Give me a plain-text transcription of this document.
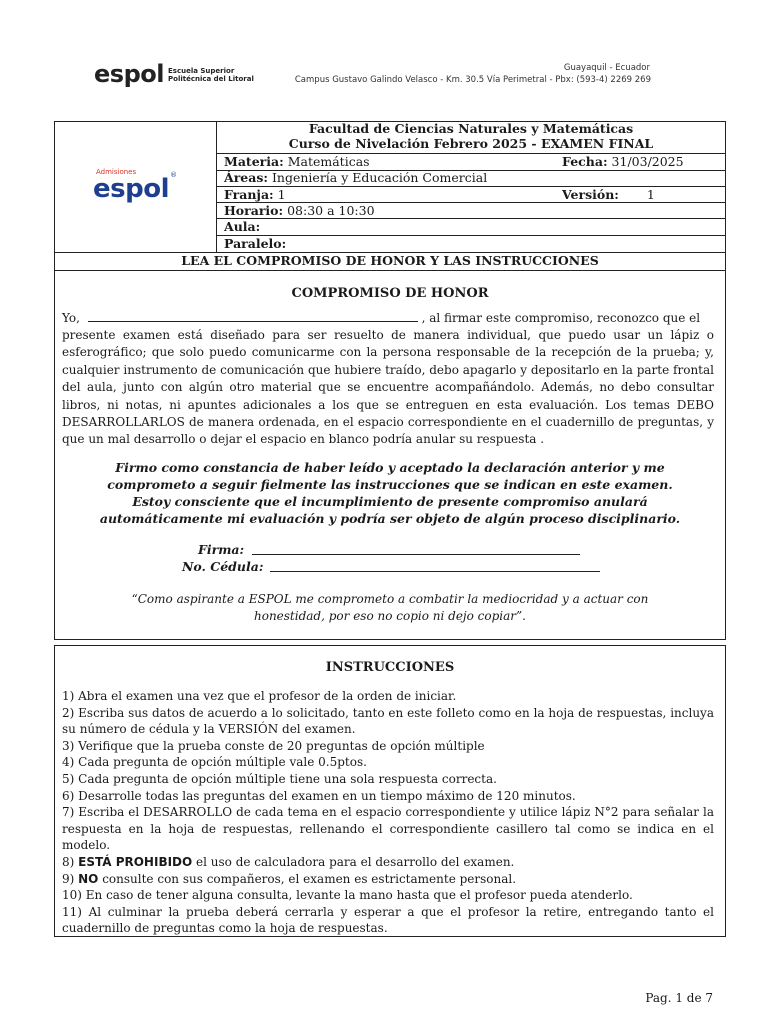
espol Escuela Superior
Politécnica del Litoral
Guayaquil - Ecuador
Campus Gustavo Galindo Velasco - Km. 30.5 Vía Perimetral - Pbx: (593-4) 2269 269
Admisiones
espol ®
Facultad de Ciencias Naturales y Matemáticas
Curso de Nivelación Febrero 2025 - EXAMEN FINAL
Materia: Matemáticas	Fecha: 31/03/2025
Áreas: Ingeniería y Educación Comercial
Franja: 1	Versión: 1
Horario: 08:30 a 10:30
Aula:
Paralelo:
LEA EL COMPROMISO DE HONOR Y LAS INSTRUCCIONES
COMPROMISO DE HONOR
Yo,	, al firmar este compromiso, reconozco que el
presente examen está diseñado para ser resuelto de manera individual, que puedo usar un lápiz o esferográfico; que solo puedo comunicarme con la persona responsable de la recepción de la prueba; y, cualquier instrumento de comunicación que hubiere traído, debo apagarlo y depositarlo en la parte frontal del aula, junto con algún otro material que se encuentre acompañándolo. Además, no debo consultar libros, ni notas, ni apuntes adicionales a los que se entreguen en esta evaluación. Los temas DEBO DESARROLLARLOS de manera ordenada, en el espacio correspondiente en el cuadernillo de preguntas, y que un mal desarrollo o dejar el espacio en blanco podría anular su respuesta .
Firmo como constancia de haber leído y aceptado la declaración anterior y me
comprometo a seguir fielmente las instrucciones que se indican en este examen.
Estoy consciente que el incumplimiento de presente compromiso anulará
automáticamente mi evaluación y podría ser objeto de algún proceso disciplinario.
Firma:
No. Cédula:
“Como aspirante a ESPOL me comprometo a combatir la mediocridad y a actuar con
honestidad, por eso no copio ni dejo copiar”.
INSTRUCCIONES

1) Abra el examen una vez que el profesor de la orden de iniciar.

2) Escriba sus datos de acuerdo a lo solicitado, tanto en este folleto como en la hoja de respuestas, incluya su número de cédula y la VERSIÓN del examen.

3) Verifique que la prueba conste de 20 preguntas de opción múltiple

4) Cada pregunta de opción múltiple vale 0.5ptos.

5) Cada pregunta de opción múltiple tiene una sola respuesta correcta.

6) Desarrolle todas las preguntas del examen en un tiempo máximo de 120 minutos.

7) Escriba el DESARROLLO de cada tema en el espacio correspondiente y utilice lápiz N°2 para señalar la respuesta en la hoja de respuestas, rellenando el correspondiente casillero tal como se indica en el modelo.

8) ESTÁ PROHIBIDO el uso de calculadora para el desarrollo del examen.

9) NO consulte con sus compañeros, el examen es estrictamente personal.

10) En caso de tener alguna consulta, levante la mano hasta que el profesor pueda atenderlo.

11) Al culminar la prueba deberá cerrarla y esperar a que el profesor la retire, entregando tanto el cuadernillo de preguntas como la hoja de respuestas.

Pag. 1 de 7
